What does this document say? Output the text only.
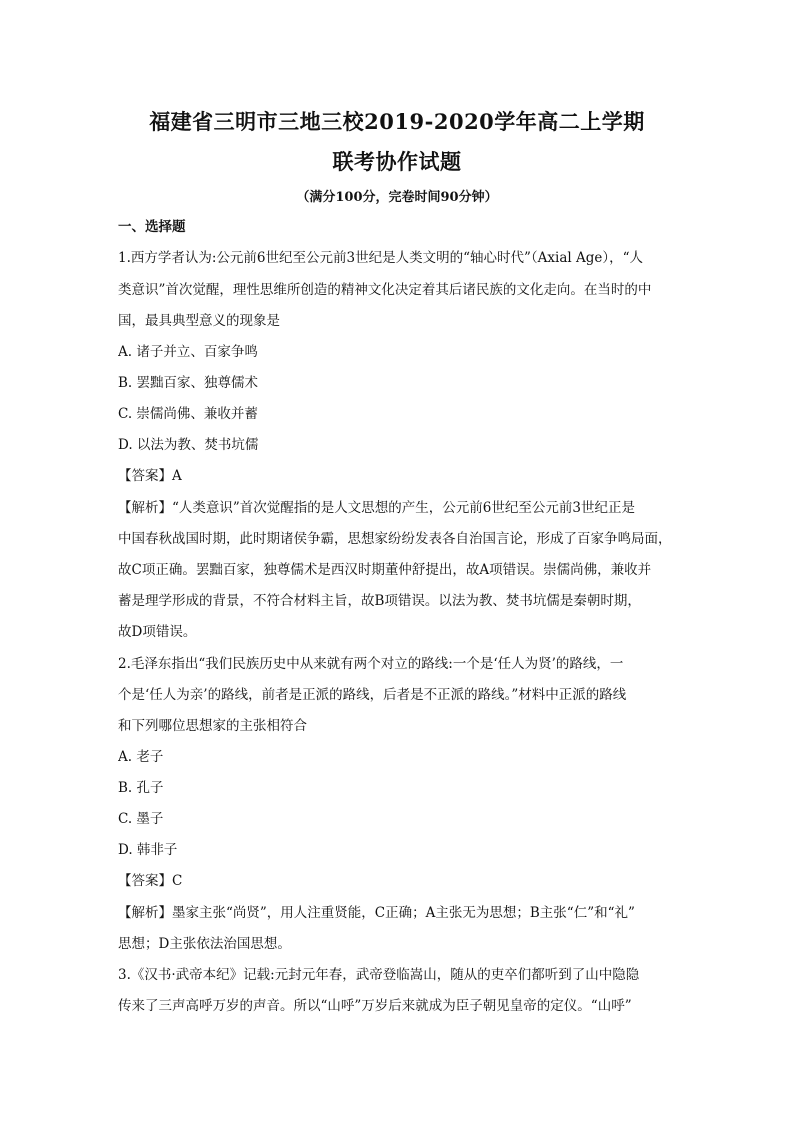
福建省三明市三地三校2019-2020学年高二上学期
联考协作试题
（满分100分，完卷时间90分钟）
一、选择题
1.西方学者认为:公元前6世纪至公元前3世纪是人类文明的“轴心时代”（Axial Age），“人
类意识”首次觉醒，理性思维所创造的精神文化决定着其后诸民族的文化走向。在当时的中
国，最具典型意义的现象是
A. 诸子并立、百家争鸣
B. 罢黜百家、独尊儒术
C. 崇儒尚佛、兼收并蓄
D. 以法为教、焚书坑儒
【答案】A
【解析】“人类意识”首次觉醒指的是人文思想的产生，公元前6世纪至公元前3世纪正是
中国春秋战国时期，此时期诸侯争霸，思想家纷纷发表各自治国言论，形成了百家争鸣局面，
故C项正确。罢黜百家，独尊儒术是西汉时期董仲舒提出，故A项错误。崇儒尚佛，兼收并
蓄是理学形成的背景，不符合材料主旨，故B项错误。以法为教、焚书坑儒是秦朝时期，
故D项错误。
2.毛泽东指出“我们民族历史中从来就有两个对立的路线:一个是‘任人为贤’的路线，一
个是‘任人为亲’的路线，前者是正派的路线，后者是不正派的路线。”材料中正派的路线
和下列哪位思想家的主张相符合
A. 老子
B. 孔子
C. 墨子
D. 韩非子
【答案】C
【解析】墨家主张“尚贤”，用人注重贤能，C正确；A主张无为思想；B主张“仁”和“礼”
思想；D主张依法治国思想。
3.《汉书·武帝本纪》记载:元封元年春，武帝登临嵩山，随从的吏卒们都听到了山中隐隐
传来了三声高呼万岁的声音。所以“山呼”万岁后来就成为臣子朝见皇帝的定仪。“山呼”
